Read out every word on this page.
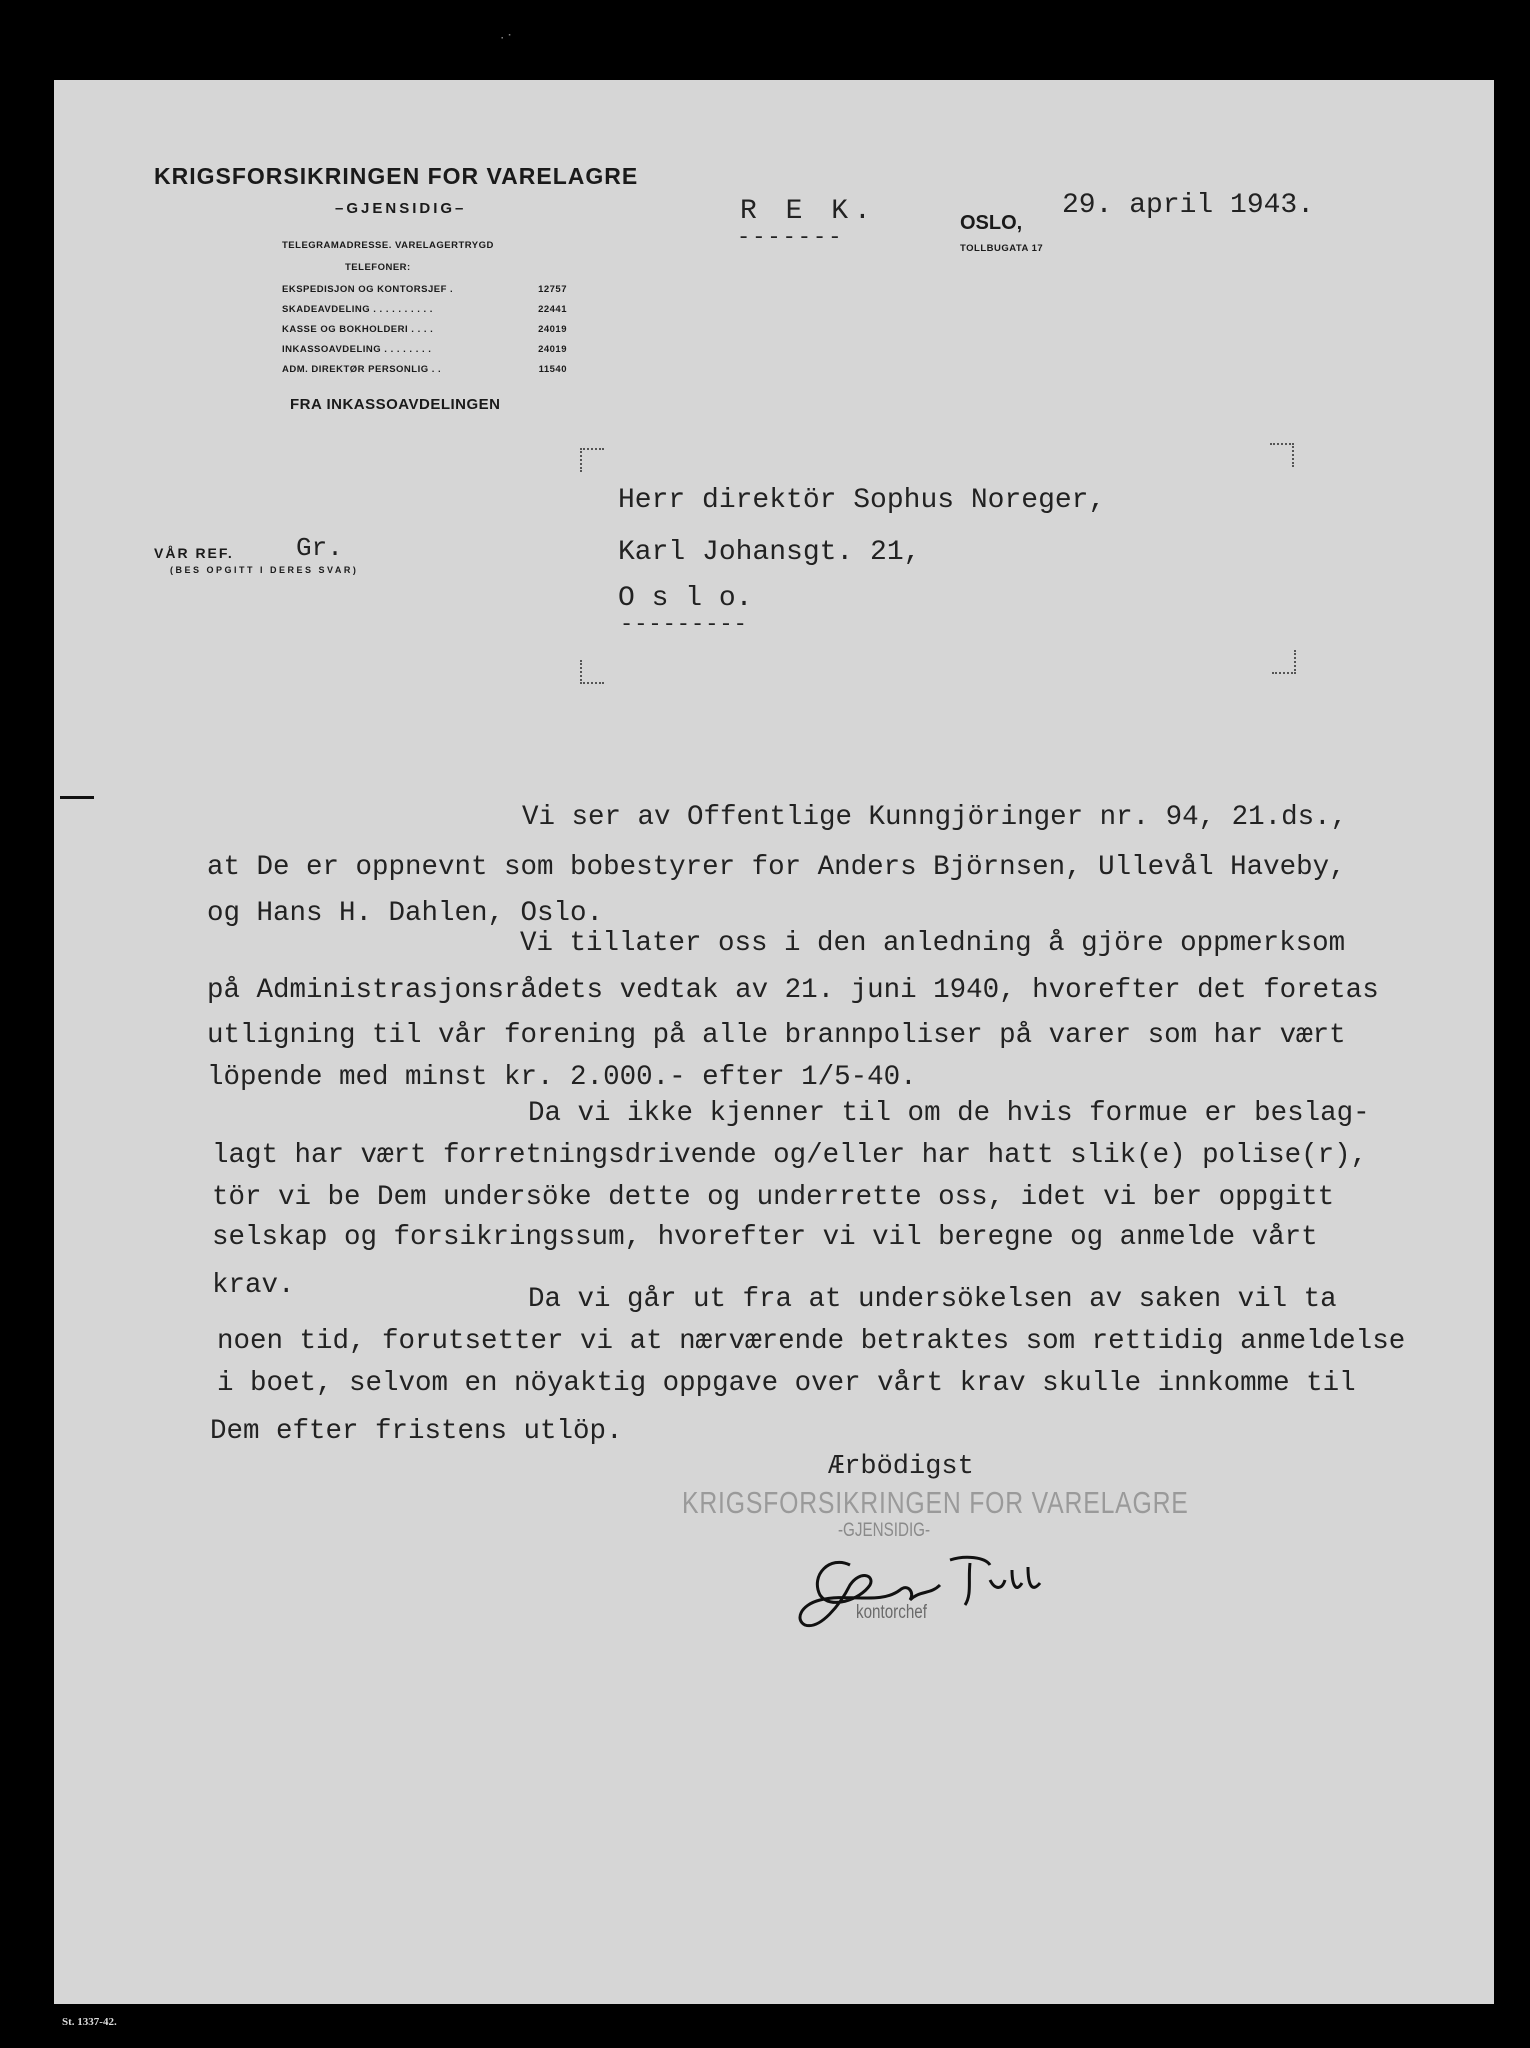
⠂⠁
KRIGSFORSIKRINGEN FOR VARELAGRE
–GJENSIDIG–
TELEGRAMADRESSE. VARELAGERTRYGD
TELEFONER:
EKSPEDISJON OG KONTORSJEF .	12757
SKADEAVDELING . . . . . . . . . .	22441
KASSE OG BOKHOLDERI . . . .	24019
INKASSOAVDELING . . . . . . . .	24019
ADM. DIREKTØR PERSONLIG . .	11540
FRA INKASSOAVDELINGEN
R E K.
-------
OSLO,
TOLLBUGATA 17
29. april 1943.
Herr direktör Sophus Noreger,
Karl Johansgt. 21,
O s l o.
---------
VÅR REF. Gr.
(BES OPGITT I DERES SVAR)
Vi ser av Offentlige Kunngjöringer nr. 94, 21.ds.,
at De er oppnevnt som bobestyrer for Anders Björnsen, Ullevål Haveby,
og Hans H. Dahlen, Oslo.
Vi tillater oss i den anledning å gjöre oppmerksom
på Administrasjonsrådets vedtak av 21. juni 1940, hvorefter det foretas
utligning til vår forening på alle brannpoliser på varer som har vært
löpende med minst kr. 2.000.- efter 1/5-40.
Da vi ikke kjenner til om de hvis formue er beslag-
lagt har vært forretningsdrivende og/eller har hatt slik(e) polise(r),
tör vi be Dem undersöke dette og underrette oss, idet vi ber oppgitt
selskap og forsikringssum, hvorefter vi vil beregne og anmelde vårt
krav.	Da vi går ut fra at undersökelsen av saken vil ta
noen tid, forutsetter vi at nærværende betraktes som rettidig anmeldelse
i boet, selvom en nöyaktig oppgave over vårt krav skulle innkomme til
Dem efter fristens utlöp.
Ærbödigst
KRIGSFORSIKRINGEN FOR VARELAGRE
-GJENSIDIG-
kontorchef
St. 1337-42.
